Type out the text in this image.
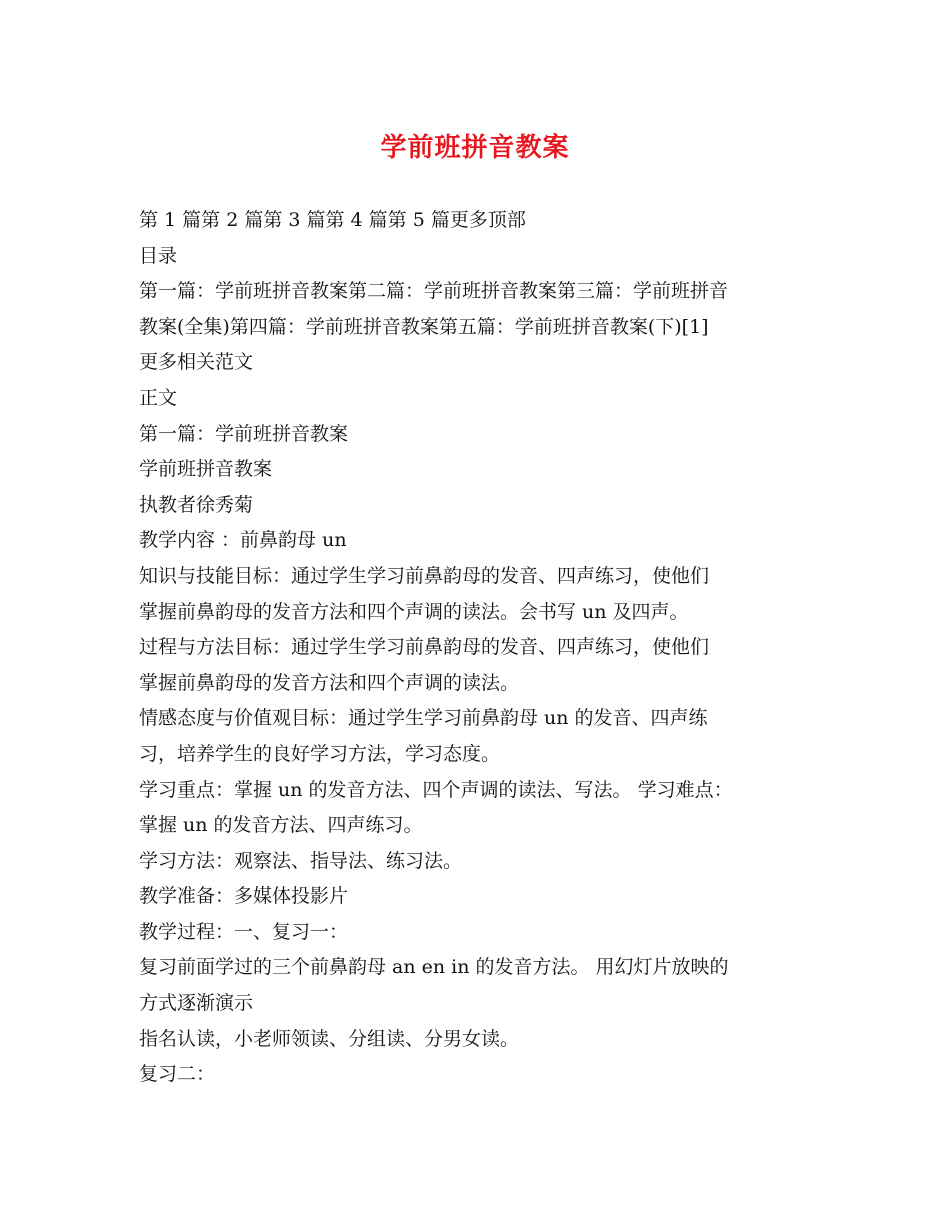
学前班拼音教案
第 1 篇第 2 篇第 3 篇第 4 篇第 5 篇更多顶部
目录
第一篇：学前班拼音教案第二篇：学前班拼音教案第三篇：学前班拼音
教案(全集)第四篇：学前班拼音教案第五篇：学前班拼音教案(下)[1]
更多相关范文
正文
第一篇：学前班拼音教案
学前班拼音教案
执教者徐秀菊
教学内容 ：前鼻韵母 un
知识与技能目标：通过学生学习前鼻韵母的发音、四声练习，使他们
掌握前鼻韵母的发音方法和四个声调的读法。会书写 un 及四声。
过程与方法目标：通过学生学习前鼻韵母的发音、四声练习，使他们
掌握前鼻韵母的发音方法和四个声调的读法。
情感态度与价值观目标：通过学生学习前鼻韵母 un 的发音、四声练
习，培养学生的良好学习方法，学习态度。
学习重点：掌握 un 的发音方法、四个声调的读法、写法。 学习难点：
掌握 un 的发音方法、四声练习。
学习方法：观察法、指导法、练习法。
教学准备：多媒体投影片
教学过程：一、复习一：
复习前面学过的三个前鼻韵母 an en in 的发音方法。 用幻灯片放映的
方式逐渐演示
指名认读，小老师领读、分组读、分男女读。
复习二：
